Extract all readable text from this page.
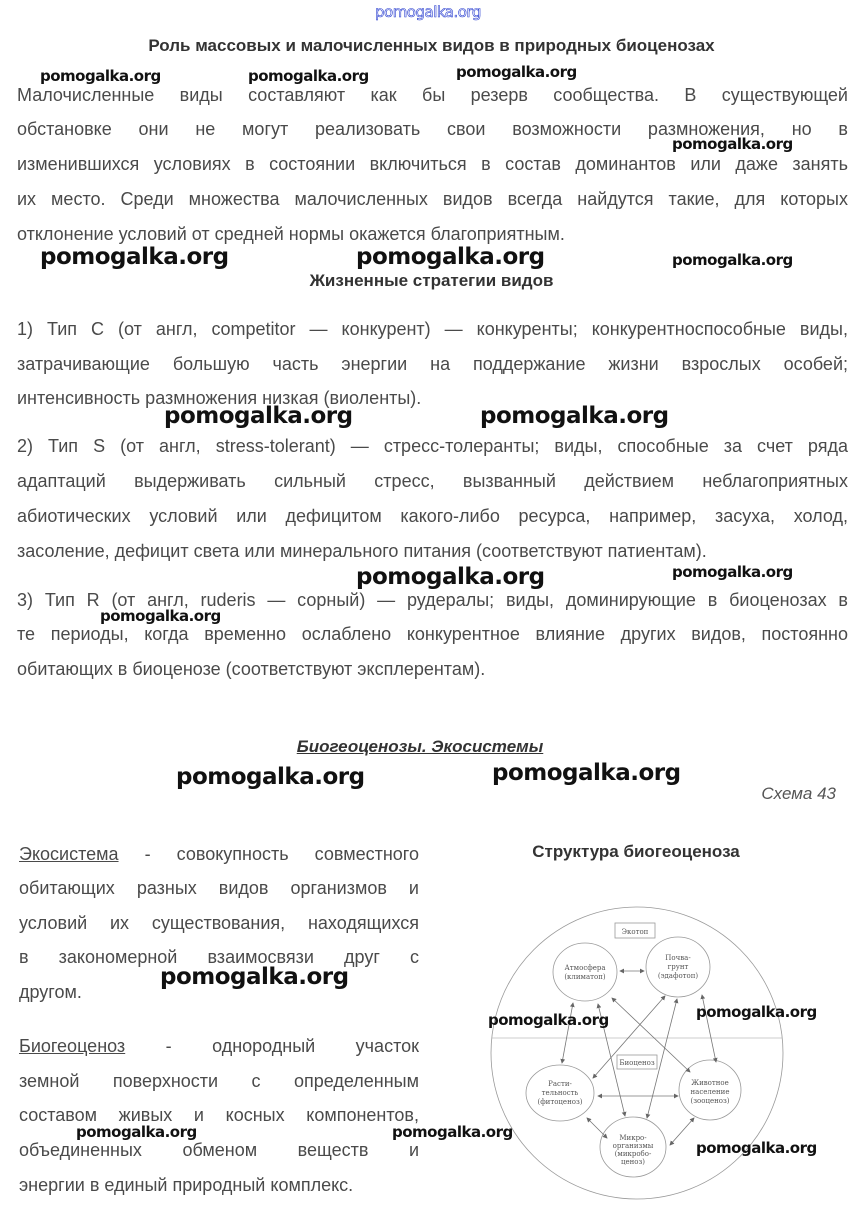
pomogalka.org
Роль массовых и малочисленных видов в природных биоценозах
Малочисленные виды составляют как бы резерв сообщества. В существующей
обстановке они не могут реализовать свои возможности размножения, но в
изменившихся условиях в состоянии включиться в состав доминантов или даже занять
их место. Среди множества малочисленных видов всегда найдутся такие, для которых
отклонение условий от средней нормы окажется благоприятным.
Жизненные стратегии видов
1) Тип С (от англ, competitor — конкурент) — конкуренты; конкурентноспособные виды,
затрачивающие большую часть энергии на поддержание жизни взрослых особей;
интенсивность размножения низкая (виоленты).
2) Тип S (от англ, stress-tolerant) — стресс-толеранты; виды, способные за счет ряда
адаптаций выдерживать сильный стресс, вызванный действием неблагоприятных
абиотических условий или дефицитом какого-либо ресурса, например, засуха, холод,
засоление, дефицит света или минерального питания (соответствуют патиентам).
3) Тип R (от англ, ruderis — сорный) — рудералы; виды, доминирующие в биоценозах в
те периоды, когда временно ослаблено конкурентное влияние других видов, постоянно
обитающих в биоценозе (соответствуют эксплерентам).
Биогеоценозы. Экосистемы
Схема 43
Экосистема - совокупность совместного
обитающих разных видов организмов и
условий их существования, находящихся
в закономерной взаимосвязи друг с
другом.
Биогеоценоз - однородный участок
земной поверхности с определенным
составом живых и косных компонентов,
объединенных обменом веществ и
энергии в единый природный комплекс.
Структура биогеоценоза
Экотоп
Биоценоз
Атмосфера
(климатоп)
Почва-
грунт
(эдафотоп)
Расти-
тельность
(фитоценоз)
Животное
население
(зооценоз)
Микро-
организмы
(микробо-
ценоз)
pomogalka.org	pomogalka.org	pomogalka.org
pomogalka.org
pomogalka.org
pomogalka.org
pomogalka.org
pomogalka.org	pomogalka.org
pomogalka.org	pomogalka.org
pomogalka.org
pomogalka.org	pomogalka.org
pomogalka.org	pomogalka.org
pomogalka.org
pomogalka.org	pomogalka.org
pomogalka.org
